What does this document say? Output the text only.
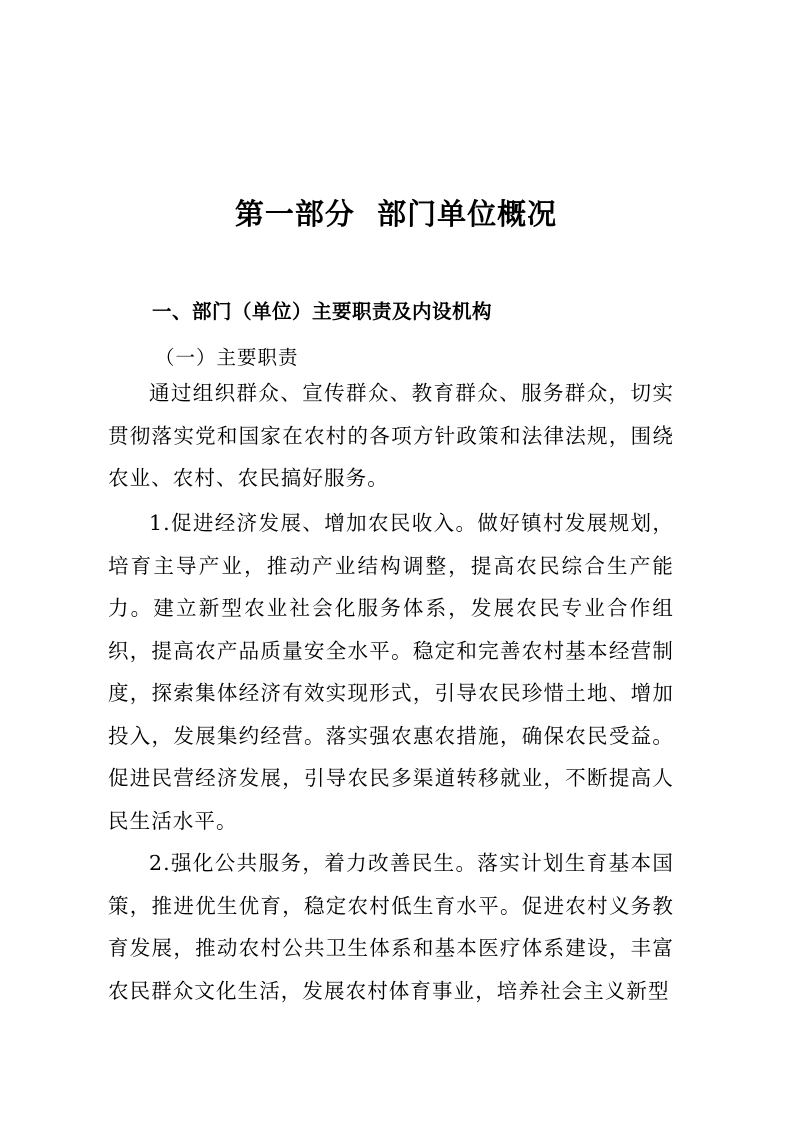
第一部分  部门单位概况
一、部门（单位）主要职责及内设机构
（一）主要职责

通过组织群众、宣传群众、教育群众、服务群众，切实贯彻落实党和国家在农村的各项方针政策和法律法规，围绕农业、农村、农民搞好服务。

1.促进经济发展、增加农民收入。做好镇村发展规划，培育主导产业，推动产业结构调整，提高农民综合生产能力。建立新型农业社会化服务体系，发展农民专业合作组织，提高农产品质量安全水平。稳定和完善农村基本经营制度，探索集体经济有效实现形式，引导农民珍惜土地、增加投入，发展集约经营。落实强农惠农措施，确保农民受益。促进民营经济发展，引导农民多渠道转移就业，不断提高人民生活水平。

2.强化公共服务，着力改善民生。落实计划生育基本国策，推进优生优育，稳定农村低生育水平。促进农村义务教育发展，推动农村公共卫生体系和基本医疗体系建设，丰富农民群众文化生活，发展农村体育事业，培养社会主义新型
